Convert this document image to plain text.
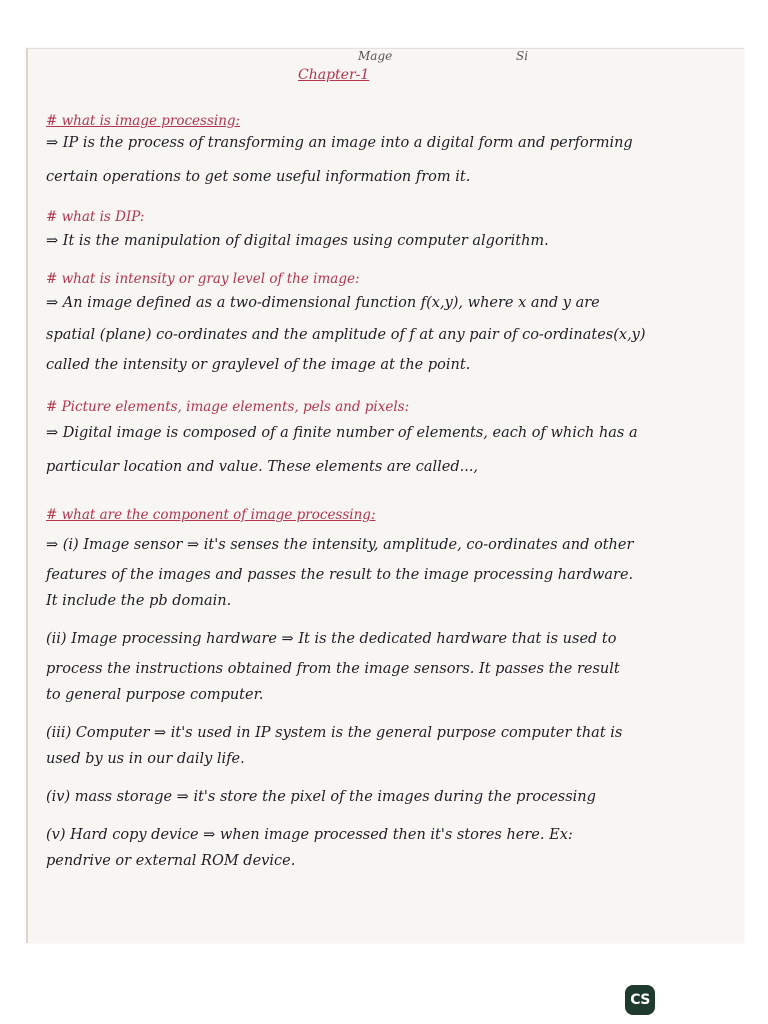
Mage	Si
Chapter-1
# what is image processing:
⇒ IP is the process of transforming an image into a digital form and performing
certain operations to get some useful information from it.
# what is DIP:
⇒ It is the manipulation of digital images using computer algorithm.
# what is intensity or gray level of the image:
⇒ An image defined as a two-dimensional function f(x,y), where x and y are
spatial (plane) co-ordinates and the amplitude of f at any pair of co-ordinates(x,y)
called the intensity or graylevel of the image at the point.
# Picture elements, image elements, pels and pixels:
⇒ Digital image is composed of a finite number of elements, each of which has a
particular location and value. These elements are called...,
# what are the component of image processing:
⇒ (i) Image sensor ⇒ it's senses the intensity, amplitude, co-ordinates and other
features of the images and passes the result to the image processing hardware.
It include the pb domain.
(ii) Image processing hardware ⇒ It is the dedicated hardware that is used to
process the instructions obtained from the image sensors. It passes the result
to general purpose computer.
(iii) Computer ⇒ it's used in IP system is the general purpose computer that is
used by us in our daily life.
(iv) mass storage ⇒ it's store the pixel of the images during the processing
(v) Hard copy device ⇒ when image processed then it's stores here. Ex:
pendrive or external ROM device.
CS
